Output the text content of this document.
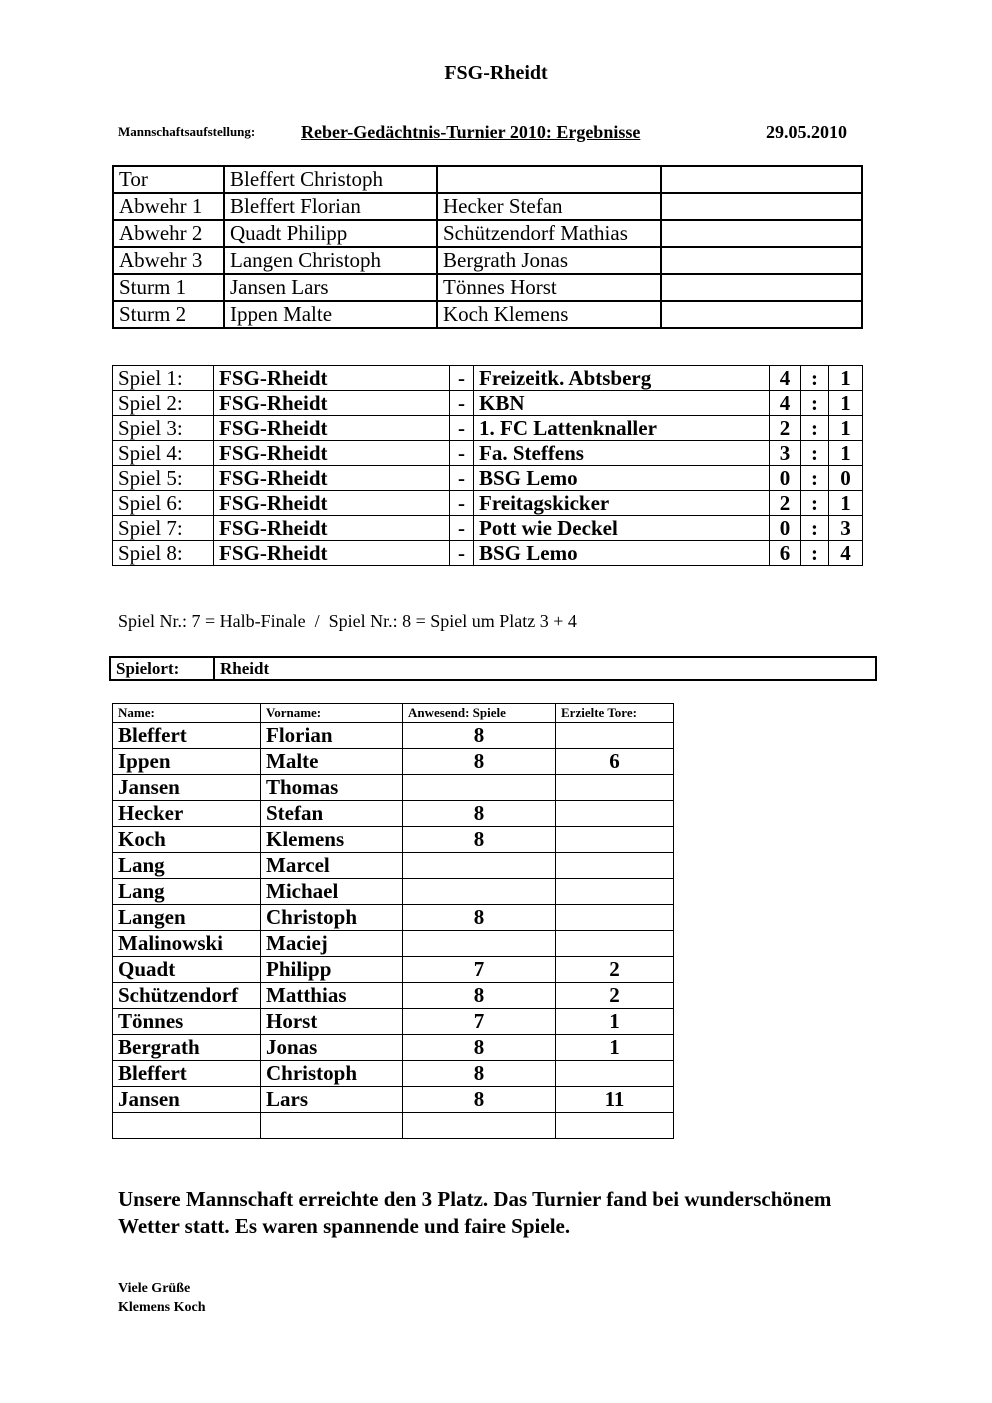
FSG-Rheidt
Mannschaftsaufstellung:	Reber-Gedächtnis-Turnier 2010: Ergebnisse	29.05.2010
Tor	Bleffert Christoph		
Abwehr 1	Bleffert Florian	Hecker Stefan	
Abwehr 2	Quadt Philipp	Schützendorf Mathias	
Abwehr 3	Langen Christoph	Bergrath Jonas	
Sturm 1	Jansen Lars	Tönnes Horst	
Sturm 2	Ippen Malte	Koch Klemens	
Spiel 1:	FSG-Rheidt	-	Freizeitk. Abtsberg	4	:	1
Spiel 2:	FSG-Rheidt	-	KBN	4	:	1
Spiel 3:	FSG-Rheidt	-	1. FC Lattenknaller	2	:	1
Spiel 4:	FSG-Rheidt	-	Fa. Steffens	3	:	1
Spiel 5:	FSG-Rheidt	-	BSG Lemo	0	:	0
Spiel 6:	FSG-Rheidt	-	Freitagskicker	2	:	1
Spiel 7:	FSG-Rheidt	-	Pott wie Deckel	0	:	3
Spiel 8:	FSG-Rheidt	-	BSG Lemo	6	:	4
Spiel Nr.: 7 = Halb-Finale  /  Spiel Nr.: 8 = Spiel um Platz 3 + 4
Spielort:	Rheidt
Name:	Vorname:	Anwesend: Spiele	Erzielte Tore:
Bleffert	Florian	8	
Ippen	Malte	8	6
Jansen	Thomas		
Hecker	Stefan	8	
Koch	Klemens	8	
Lang	Marcel		
Lang	Michael		
Langen	Christoph	8	
Malinowski	Maciej		
Quadt	Philipp	7	2
Schützendorf	Matthias	8	2
Tönnes	Horst	7	1
Bergrath	Jonas	8	1
Bleffert	Christoph	8	
Jansen	Lars	8	11

Unsere Mannschaft erreichte den 3 Platz. Das Turnier fand bei wunderschönem Wetter statt. Es waren spannende und faire Spiele.
Viele Grüße
Klemens Koch
